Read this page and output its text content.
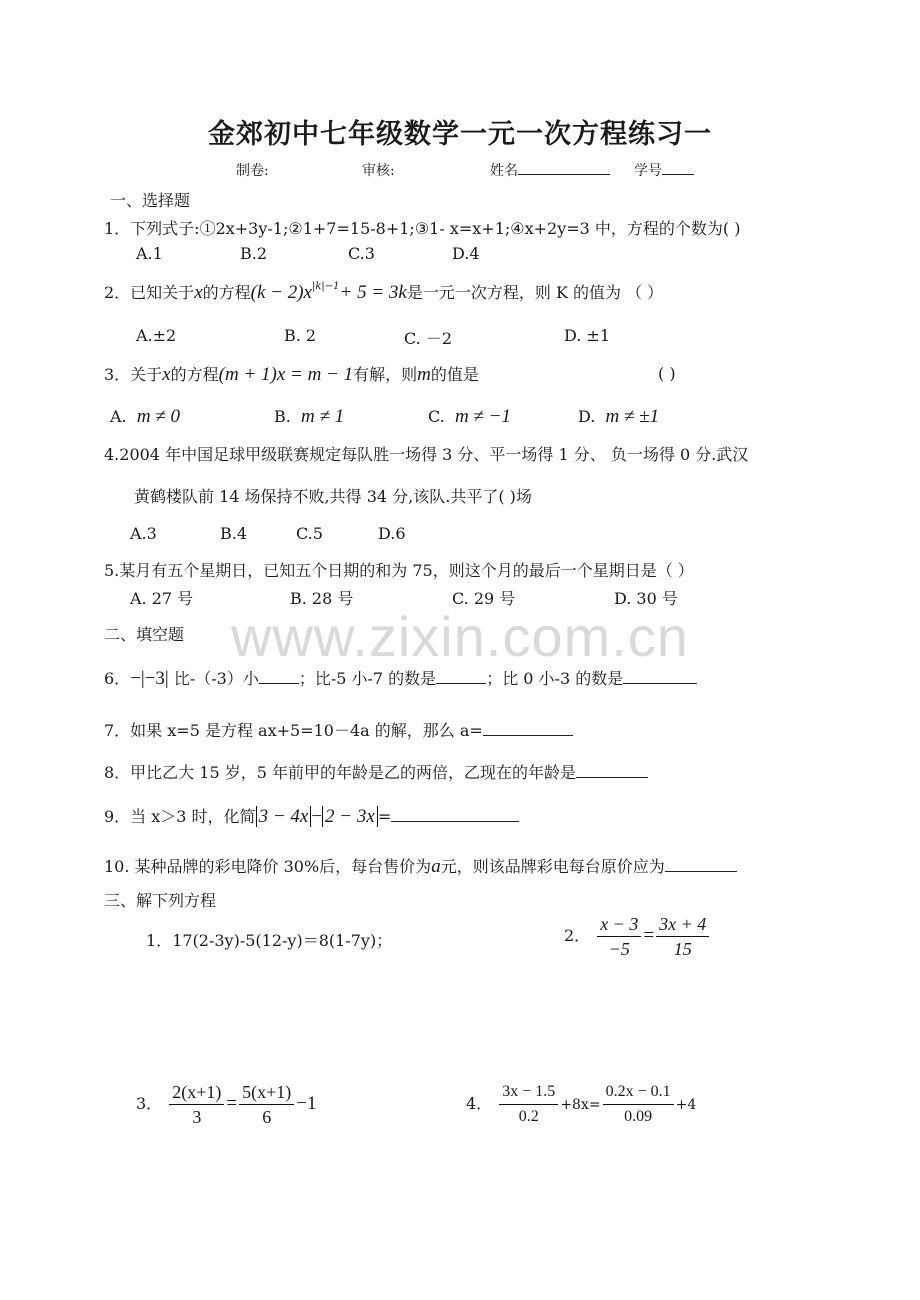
金郊初中七年级数学一元一次方程练习一
制卷:	审核:	姓名	学号
www.zixin.com.cn
一、选择题
1．下列式子:①2x+3y-1;②1+7=15-8+1;③1- x=x+1;④x+2y=3 中，方程的个数为( )
A.1	B.2	C.3	D.4
2．已知关于x的方程$(k - 2)x^{|k|-1}+ 5 = 3k$是一元一次方程，则 K 的值为 （ ）
A.±2	B. 2	C. －2	D. ±1
3．关于x的方程(m + 1)x = m − 1有解，则m的值是	( )
A. m ≠ 0	B. m ≠ 1	C. m ≠ −1	D. m ≠ ±1
4.2004 年中国足球甲级联赛规定每队胜一场得 3 分、平一场得 1 分、 负一场得 0 分.武汉
黄鹤楼队前 14 场保持不败,共得 34 分,该队.共平了( )场
A.3	B.4	C.5	D.6
5.某月有五个星期日，已知五个日期的和为 75，则这个月的最后一个星期日是（ ）
A. 27 号	B. 28 号	C. 29 号	D. 30 号
二、填空题
6．−|−3| 比-（-3）小	；比-5 小-7 的数是	；比 0 小-3 的数是
7．如果 x=5 是方程 ax+5=10－4a 的解，那么 a=
8．甲比乙大 15 岁，5 年前甲的年龄是乙的两倍，乙现在的年龄是
9．当 x＞3 时，化简 3 − 4x − 2 − 3x =
10. 某种品牌的彩电降价 30%后，每台售价为a元，则该品牌彩电每台原价应为
三、解下列方程
1．17(2-3y)-5(12-y)＝8(1-7y)；	2． $\frac{x - 3}{-5} = \frac{3x + 4}{15}$
3． $\frac{2(x+1)}{3} = \frac{5(x+1)}{6} -1$	4． $\frac{3x - 1.5}{0.2} +8x= \frac{0.2x - 0.1}{0.09} +4$
